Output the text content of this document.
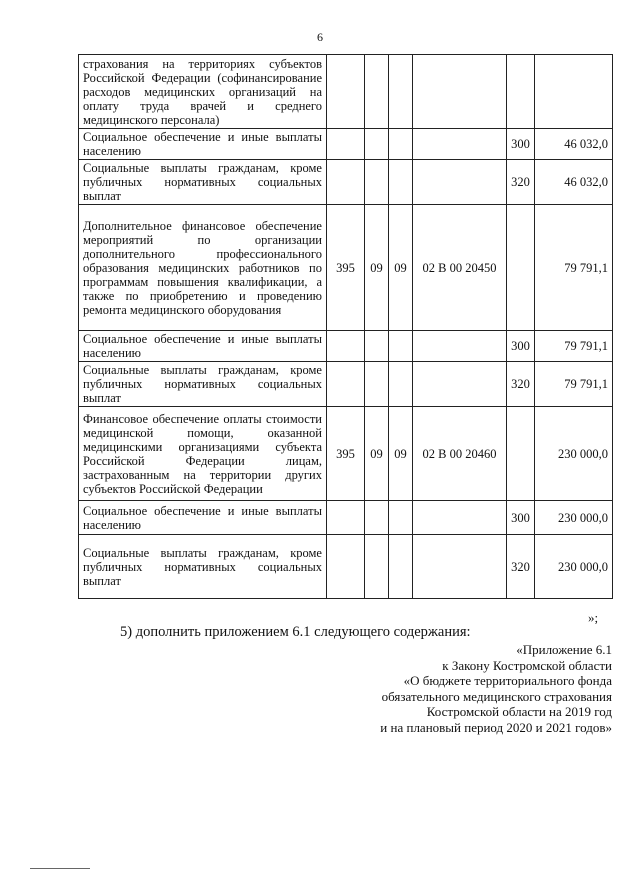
6
страхования на территориях субъектов Российской Федерации (софинансирование расходов медицинских организаций на оплату труда врачей и среднего медицинского персонала)						
Социальное обеспечение и иные выплаты населению					300	46 032,0
Социальные выплаты гражданам, кроме публичных нормативных социальных выплат					320	46 032,0
Дополнительное финансовое обеспечение мероприятий по организации дополнительного профессионального образования медицинских работников по программам повышения квалификации, а также по приобретению и проведению ремонта медицинского оборудования	395	09	09	02 В 00 20450		79 791,1
Социальное обеспечение и иные выплаты населению					300	79 791,1
Социальные выплаты гражданам, кроме публичных нормативных социальных выплат					320	79 791,1
Финансовое обеспечение оплаты стоимости медицинской помощи, оказанной медицинскими организациями субъекта Российской Федерации лицам, застрахованным на территории других субъектов Российской Федерации	395	09	09	02 В 00 20460		230 000,0
Социальное обеспечение и иные выплаты населению					300	230 000,0
Социальные выплаты гражданам, кроме публичных нормативных социальных выплат					320	230 000,0
»;
5) дополнить приложением 6.1 следующего содержания:
«Приложение 6.1
к Закону Костромской области
«О бюджете территориального фонда
обязательного медицинского страхования
Костромской области на 2019 год
и на плановый период 2020 и 2021 годов»
